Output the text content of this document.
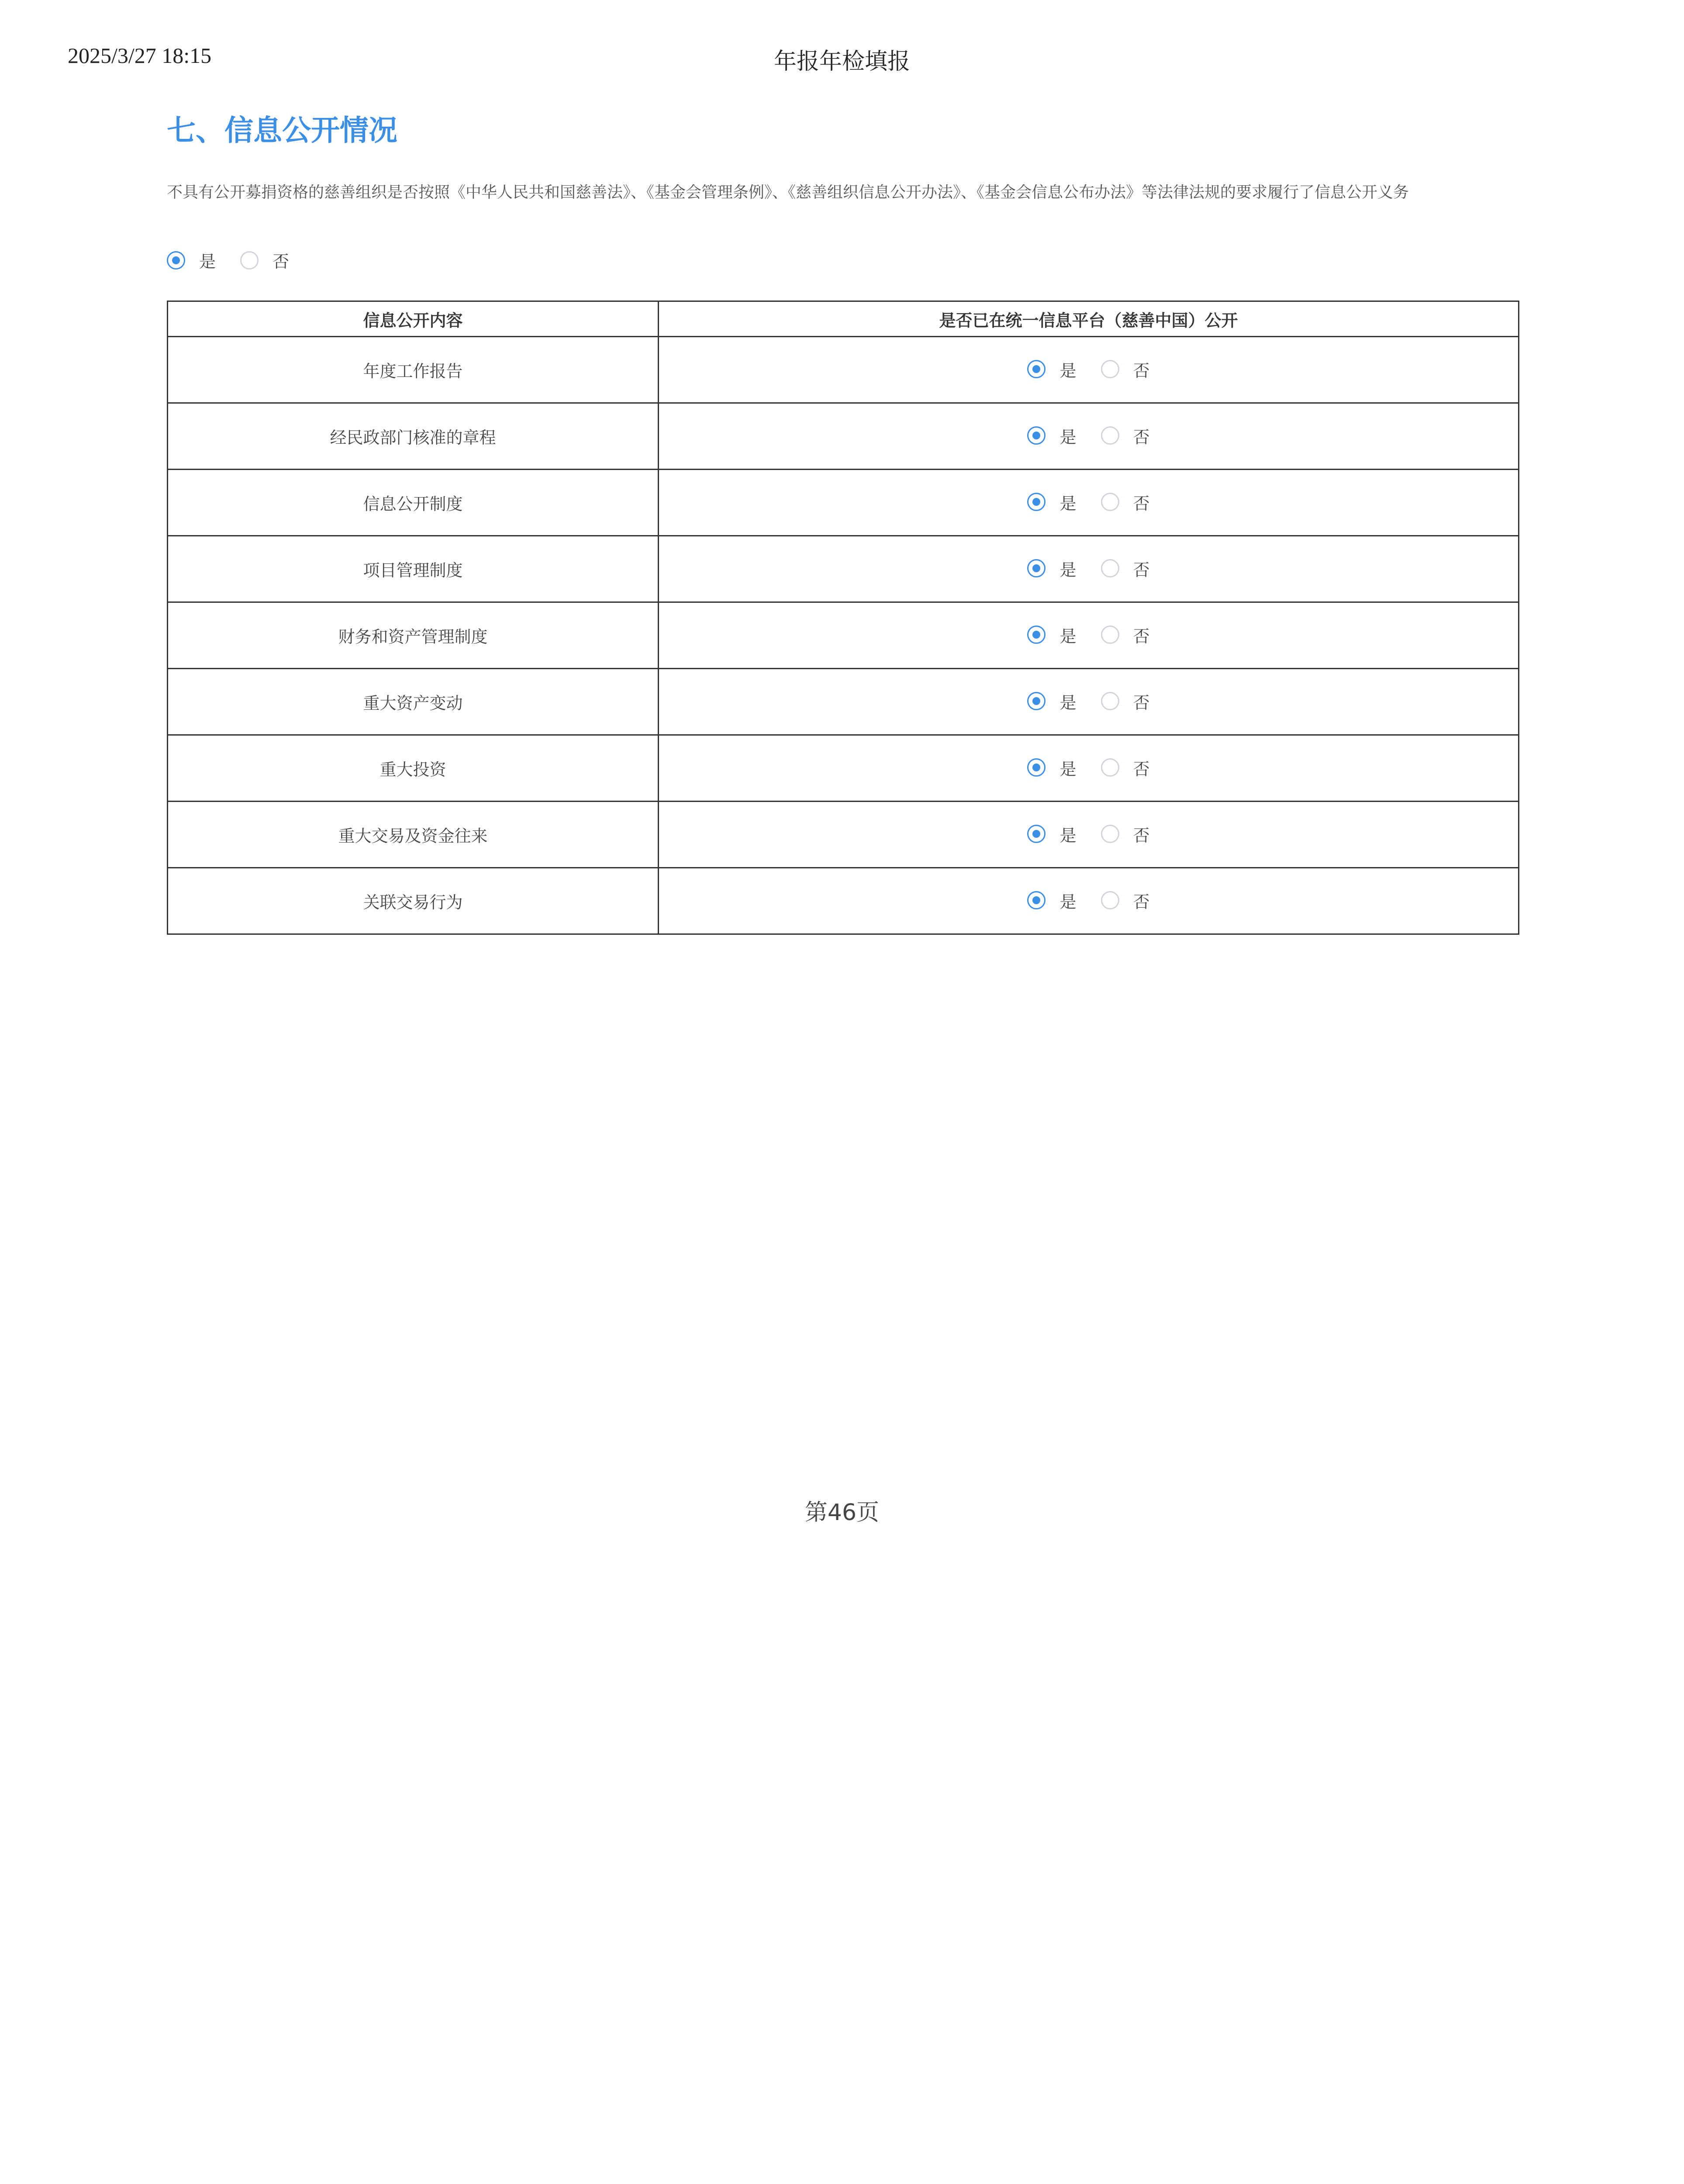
2025/3/27 18:15	年报年检填报
七、信息公开情况
不具有公开募捐资格的慈善组织是否按照《中华人民共和国慈善法》、《基金会管理条例》、《慈善组织信息公开办法》、《基金会信息公布办法》等法律法规的要求履行了信息公开义务
是	否
信息公开内容	是否已在统一信息平台（慈善中国）公开
年度工作报告	是 否

经民政部门核准的章程	是 否

信息公开制度	是 否

项目管理制度	是 否

财务和资产管理制度	是 否

重大资产变动	是 否

重大投资	是 否

重大交易及资金往来	是 否

关联交易行为	是 否
第46页
